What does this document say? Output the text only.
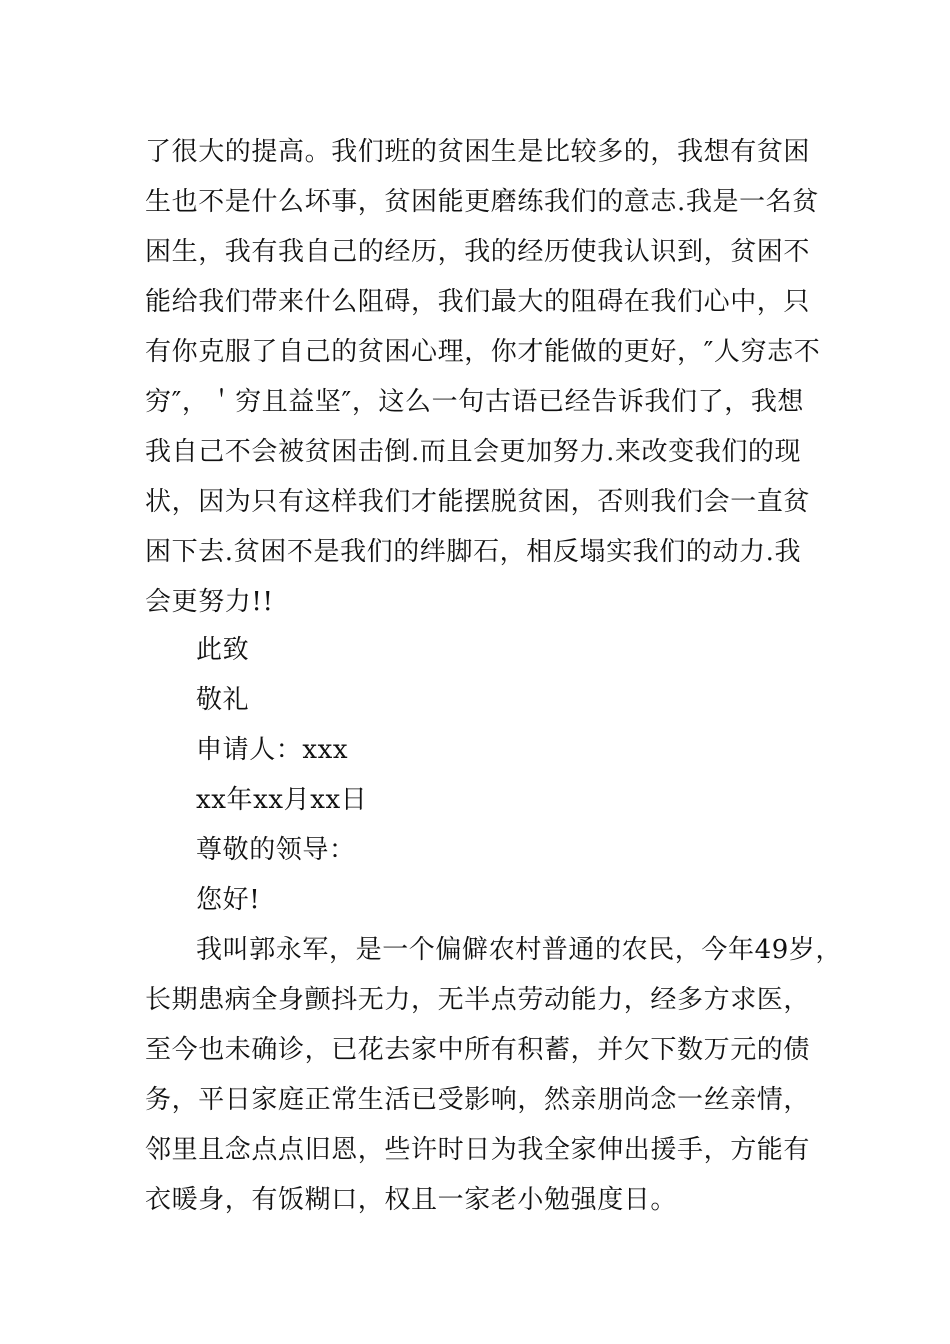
了很大的提高。我们班的贫困生是比较多的，我想有贫困
生也不是什么坏事，贫困能更磨练我们的意志.我是一名贫
困生，我有我自己的经历，我的经历使我认识到，贫困不
能给我们带来什么阻碍，我们最大的阻碍在我们心中，只
有你克服了自己的贫困心理，你才能做的更好，″人穷志不
穷″，＇穷且益坚″，这么一句古语已经告诉我们了，我想
我自己不会被贫困击倒.而且会更加努力.来改变我们的现
状，因为只有这样我们才能摆脱贫困，否则我们会一直贫
困下去.贫困不是我们的绊脚石，相反塌实我们的动力.我
会更努力!!
此致
敬礼
申请人：xxx
xx年xx月xx日
尊敬的领导：
您好!
我叫郭永军，是一个偏僻农村普通的农民，今年49岁，
长期患病全身颤抖无力，无半点劳动能力，经多方求医，
至今也未确诊，已花去家中所有积蓄，并欠下数万元的债
务，平日家庭正常生活已受影响，然亲朋尚念一丝亲情，
邻里且念点点旧恩，些许时日为我全家伸出援手，方能有
衣暖身，有饭糊口，权且一家老小勉强度日。
